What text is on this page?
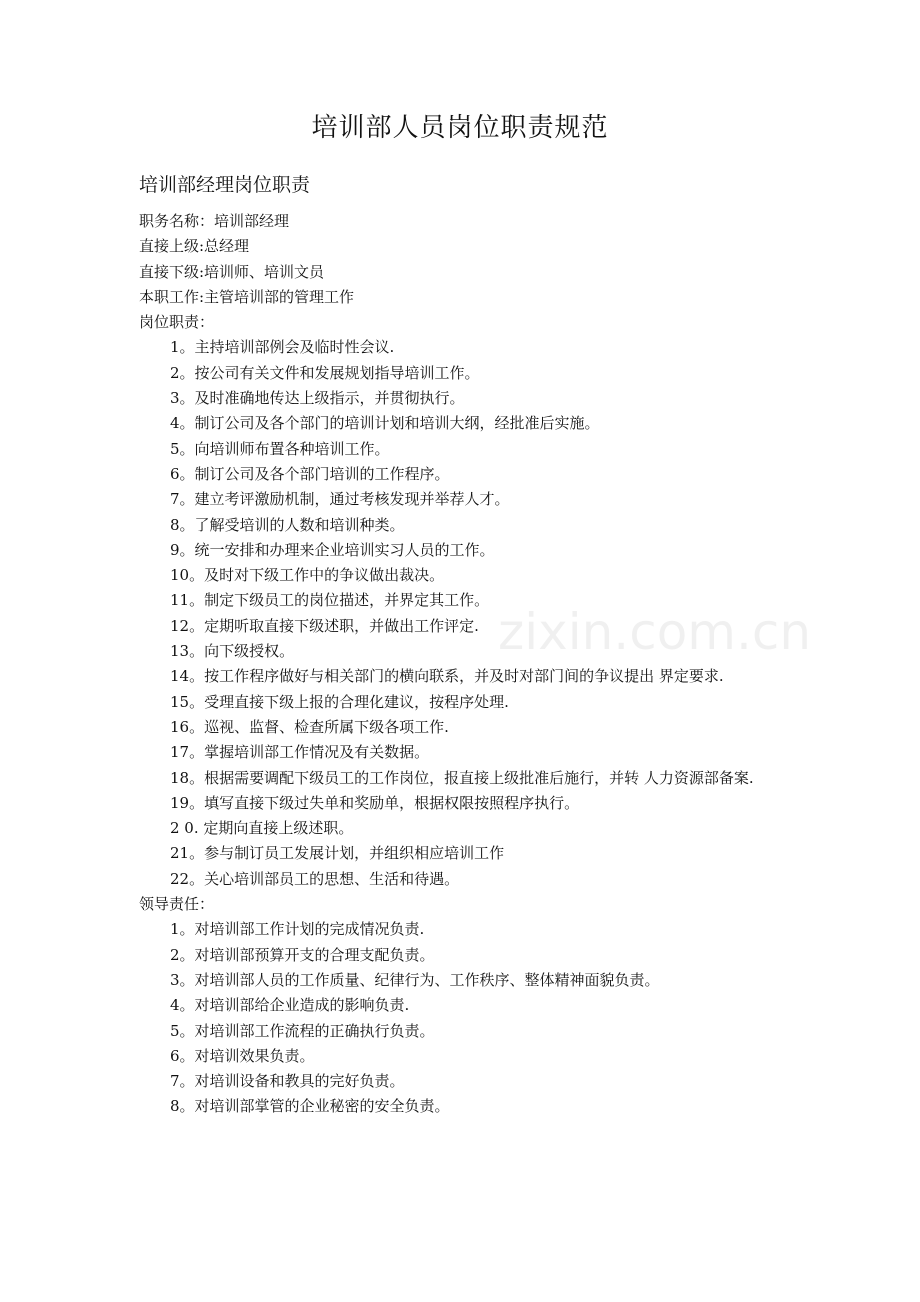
培训部人员岗位职责规范
培训部经理岗位职责
职务名称：培训部经理
直接上级:总经理
直接下级:培训师、培训文员
本职工作:主管培训部的管理工作
岗位职责：
1。主持培训部例会及临时性会议.
2。按公司有关文件和发展规划指导培训工作。
3。及时准确地传达上级指示，并贯彻执行。
4。制订公司及各个部门的培训计划和培训大纲，经批准后实施。
5。向培训师布置各种培训工作。
6。制订公司及各个部门培训的工作程序。
7。建立考评激励机制，通过考核发现并举荐人才。
8。了解受培训的人数和培训种类。
9。统一安排和办理来企业培训实习人员的工作。
10。及时对下级工作中的争议做出裁决。
11。制定下级员工的岗位描述，并界定其工作。
12。定期听取直接下级述职，并做出工作评定.
13。向下级授权。
14。按工作程序做好与相关部门的横向联系，并及时对部门间的争议提出 界定要求.
15。受理直接下级上报的合理化建议，按程序处理.
16。巡视、监督、检查所属下级各项工作.
17。掌握培训部工作情况及有关数据。
18。根据需要调配下级员工的工作岗位，报直接上级批准后施行，并转 人力资源部备案.
19。填写直接下级过失单和奖励单，根据权限按照程序执行。
2 0. 定期向直接上级述职。
21。参与制订员工发展计划，并组织相应培训工作
22。关心培训部员工的思想、生活和待遇。
领导责任：
1。对培训部工作计划的完成情况负责.
2。对培训部预算开支的合理支配负责。
3。对培训部人员的工作质量、纪律行为、工作秩序、整体精神面貌负责。
4。对培训部给企业造成的影响负责.
5。对培训部工作流程的正确执行负责。
6。对培训效果负责。
7。对培训设备和教具的完好负责。
8。对培训部掌管的企业秘密的安全负责。
zixin.com.cn
